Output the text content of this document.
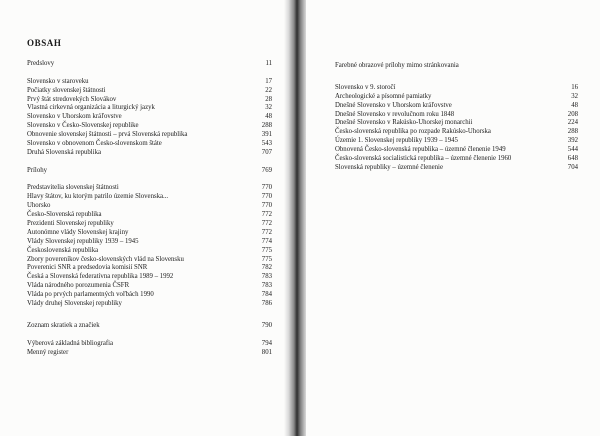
OBSAH
Predslovy	11
Slovensko v staroveku	17
Počiatky slovenskej štátnosti	22
Prvý štát stredovekých Slovákov	28
Vlastná cirkevná organizácia a liturgický jazyk	32
Slovensko v Uhorskom kráľovstve	48
Slovensko v Česko-Slovenskej republike	288
Obnovenie slovenskej štátnosti – prvá Slovenská republika	391
Slovensko v obnovenom Česko-slovenskom štáte	543
Druhá Slovenská republika	707
Prílohy	769
Predstavitelia slovenskej štátnosti	770
Hlavy štátov, ku ktorým patrilo územie Slovenska...	770
Uhorsko	770
Česko-Slovenská republika	772
Prezidenti Slovenskej republiky	772
Autonómne vlády Slovenskej krajiny	772
Vlády Slovenskej republiky 1939 – 1945	774
Československá republika	775
Zbory povereníkov česko-slovenských vlád na Slovensku	775
Poverenici SNR a predsedovia komisií SNR	782
Česká a Slovenská federatívna republika 1989 – 1992	783
Vláda národného porozumenia ČSFR	783
Vláda po prvých parlamentných voľbách 1990	784
Vlády druhej Slovenskej republiky	786
Zoznam skratiek a značiek	790
Výberová základná bibliografia	794
Menný register	801
Farebné obrazové prílohy mimo stránkovania
Slovensko v 9. storočí	16
Archeologické a písomné pamiatky	32
Dnešné Slovensko v Uhorskom kráľovstve	48
Dnešné Slovensko v revolučnom roku 1848	208
Dnešné Slovensko v Rakúsko-Uhorskej monarchii	224
Česko-slovenská republika po rozpade Rakúsko-Uhorska	288
Územie 1. Slovenskej republiky 1939 – 1945	392
Obnovená Česko-slovenská republika – územné členenie 1949	544
Česko-slovenská socialistická republika – územné členenie 1960	648
Slovenská republiky – územné členenie	704
